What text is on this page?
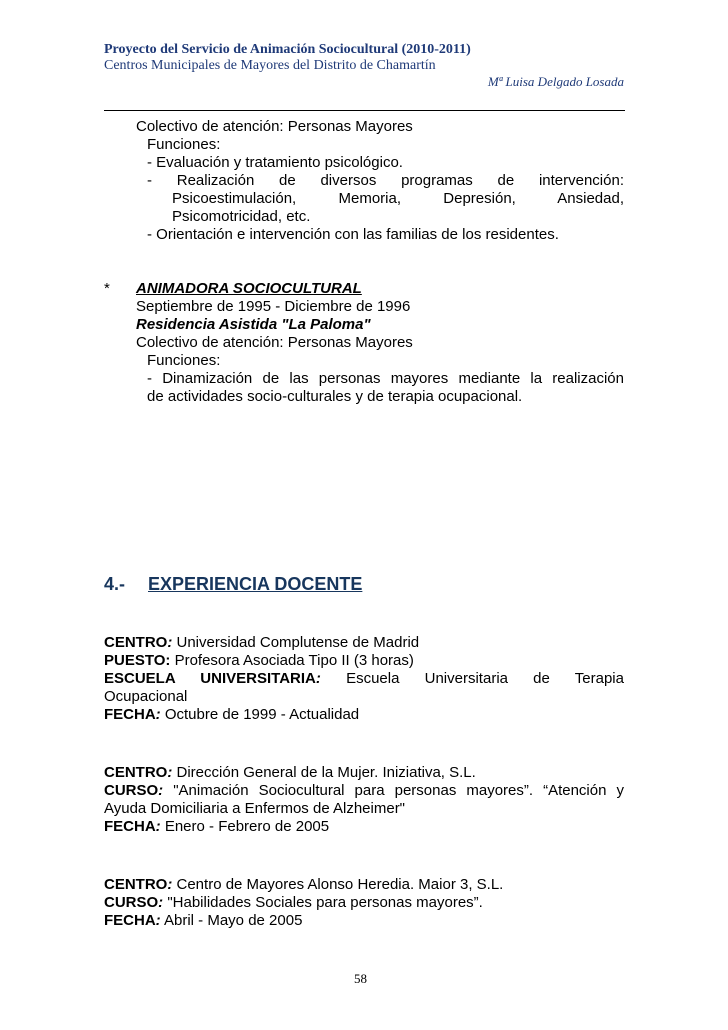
Proyecto del Servicio de Animación Sociocultural (2010-2011)
Centros Municipales de Mayores del Distrito de Chamartín
Mª Luisa Delgado Losada
Colectivo de atención: Personas Mayores
Funciones:
- Evaluación y tratamiento psicológico.
- Realización de diversos programas de intervención:
Psicoestimulación, Memoria, Depresión, Ansiedad,
Psicomotricidad, etc.
- Orientación e intervención con las familias de los residentes.
* ANIMADORA SOCIOCULTURAL
Septiembre de 1995 - Diciembre de 1996
Residencia Asistida "La Paloma"
Colectivo de atención: Personas Mayores
Funciones:
- Dinamización de las personas mayores mediante la realización
de actividades socio-culturales y de terapia ocupacional.
4.- EXPERIENCIA DOCENTE
CENTRO: Universidad Complutense de Madrid
PUESTO: Profesora Asociada Tipo II (3 horas)
ESCUELA UNIVERSITARIA: Escuela Universitaria de Terapia
Ocupacional
FECHA: Octubre de 1999 - Actualidad
CENTRO: Dirección General de la Mujer. Iniziativa, S.L.
CURSO: "Animación Sociocultural para personas mayores”. “Atención y
Ayuda Domiciliaria a Enfermos de Alzheimer"
FECHA: Enero - Febrero de 2005
CENTRO: Centro de Mayores Alonso Heredia. Maior 3, S.L.
CURSO: "Habilidades Sociales para personas mayores”.
FECHA: Abril - Mayo de 2005
58
